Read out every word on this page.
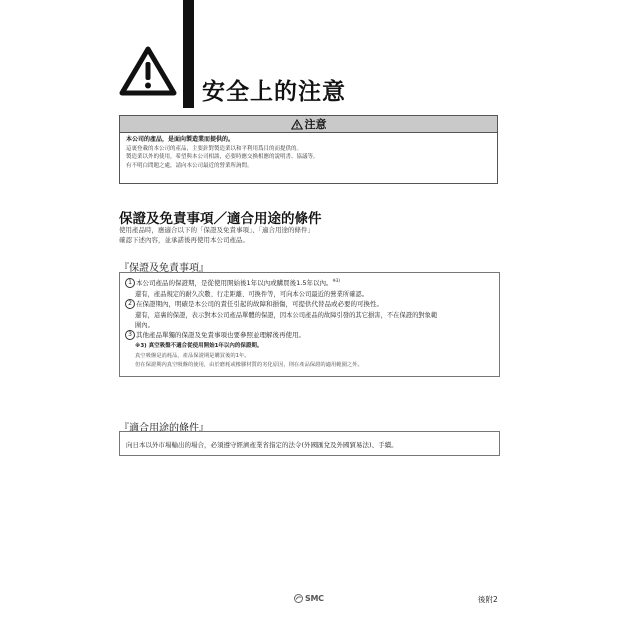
安全上的注意
注意
本公司的產品，是面向製造業而提供的。
這裏登載的本公司的產品，主要針對製造業以和平利用爲目的而提供的。
製造業以外的使用，希望與本公司相談，必要時應交換相應的說明書、協議等。
有不明白問題之處，請向本公司最近的營業所詢問。
保證及免責事項／適合用途的條件
使用產品時，應適合以下的「保證及免責事項」、「適合用途的條件」
確認下述內容，並承諾後再使用本公司產品。
『保證及免責事項』
1 本公司產品的保證期，是從使用開始後1年以內或購買後1.5年以內。$^{※3)}$
還有，產品規定的耐久次數、行走距離、可換件等，可向本公司最近的營業所確認。
2 在保證期內，明確是本公司的責任引起的故障和損傷，可提供代替品或必要的可換性。
還有，這裏的保證，表示對本公司產品單體的保證，因本公司產品的故障引發的其它損害，不在保證的對象範
圍內。
3 其他產品單獨的保證及免責事項也要參照並理解後再使用。
※3) 真空吸盤不適合從使用開始1年以內的保證期。
真空吸盤是消耗品，產品保證期是購買後的1年。
但在保證期內真空吸盤的使用，由於磨耗或橡膠材質的劣化原因，則在產品保證的適用範圍之外。
『適合用途的條件』
向日本以外市場輸出的場合，必須遵守經濟產業省指定的法令(外國匯兌及外國貿易法)、手續。
SMC	後附2
